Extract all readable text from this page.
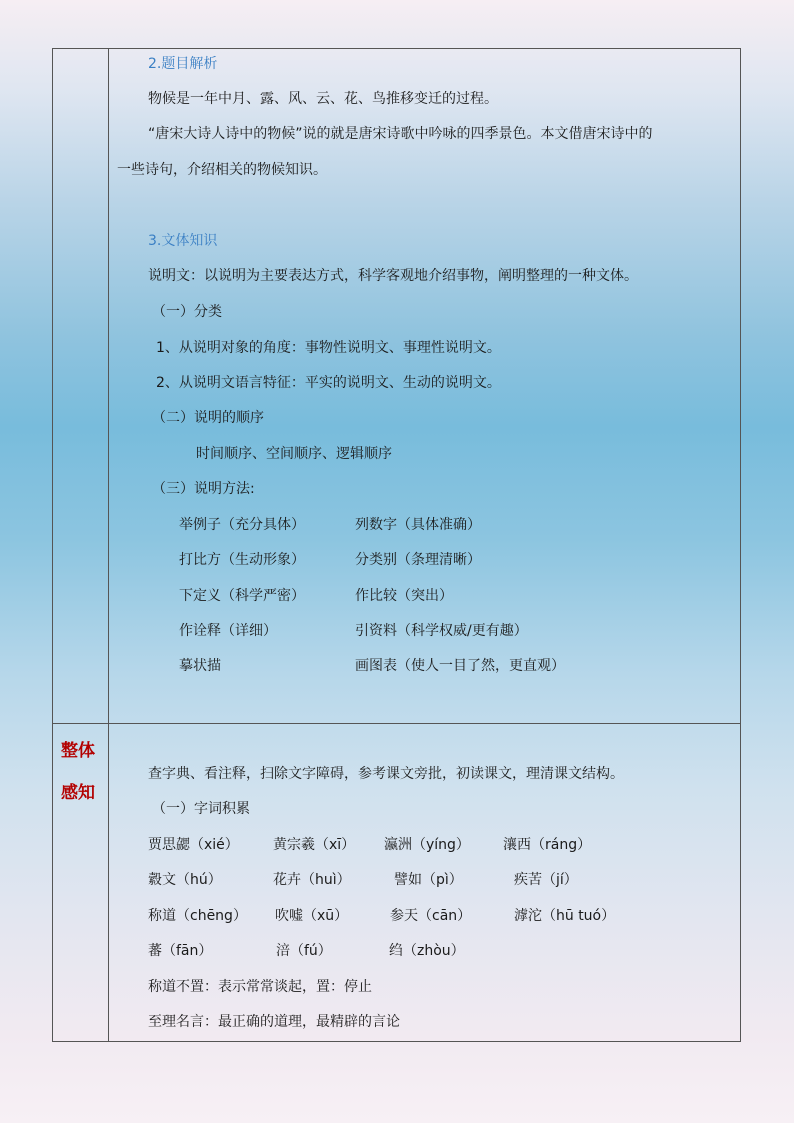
2.题目解析
物候是一年中月、露、风、云、花、鸟推移变迁的过程。
“唐宋大诗人诗中的物候”说的就是唐宋诗歌中吟咏的四季景色。本文借唐宋诗中的
一些诗句，介绍相关的物候知识。
3.文体知识
说明文：以说明为主要表达方式，科学客观地介绍事物，阐明整理的一种文体。
（一）分类
1、从说明对象的角度：事物性说明文、事理性说明文。
2、从说明文语言特征：平实的说明文、生动的说明文。
（二）说明的顺序
时间顺序、空间顺序、逻辑顺序
（三）说明方法:
举例子（充分具体）	列数字（具体准确）
打比方（生动形象）	分类别（条理清晰）
下定义（科学严密）	作比较（突出）
作诠释（详细）	引资料（科学权威/更有趣）
摹状描	画图表（使人一目了然，更直观）
整体
感知
查字典、看注释，扫除文字障碍，参考课文旁批，初读课文，理清课文结构。
（一）字词积累
贾思勰（xié） 黄宗羲（xī） 瀛洲（yíng） 瀼西（ráng）
縠文（hú）	花卉（huì）	譬如（pì）	疾苦（jí）
称道（chēng） 吹嘘（xū）	参天（cān）	滹沱（hū tuó）
蕃（fān）	涪（fú）	绉（zhòu）
称道不置：表示常常谈起，置：停止
至理名言：最正确的道理，最精辟的言论
